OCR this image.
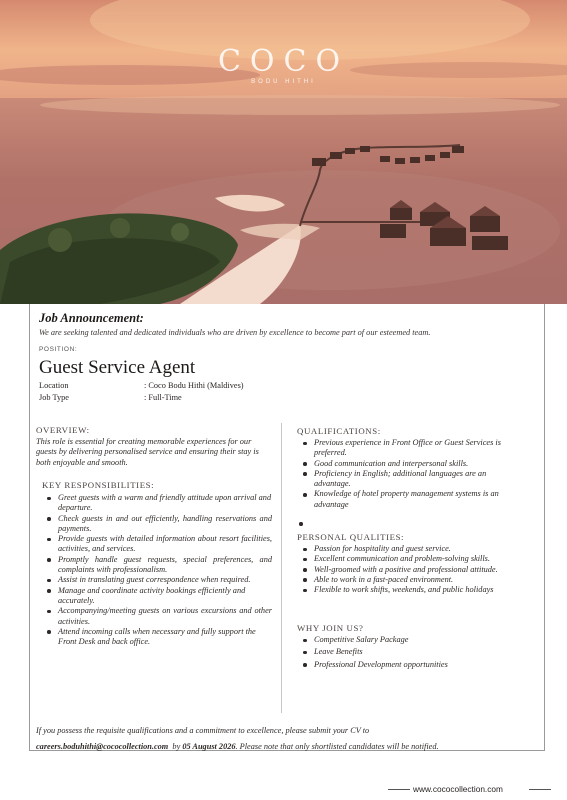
COCO
BODU HITHI
Job Announcement:
We are seeking talented and dedicated individuals who are driven by excellence to become part of our esteemed team.
POSITION:
Guest Service Agent
Location	: Coco Bodu Hithi (Maldives)
Job Type	: Full-Time
OVERVIEW:
This role is essential for creating memorable experiences for our guests by delivering personalised service and ensuring their stay is both enjoyable and smooth.
KEY RESPONSIBILITIES:
Greet guests with a warm and friendly attitude upon arrival and departure.
Check guests in and out efficiently, handling reservations and payments.
Provide guests with detailed information about resort facilities, activities, and services.
Promptly handle guest requests, special preferences, and complaints with professionalism.
Assist in translating guest correspondence when required.
Manage and coordinate activity bookings efficiently and accurately.
Accompanying/meeting guests on various excursions and other activities.
Attend incoming calls when necessary and fully support the Front Desk and back office.
QUALIFICATIONS:
Previous experience in Front Office or Guest Services is preferred.
Good communication and interpersonal skills.
Proficiency in English; additional languages are an advantage.
Knowledge of hotel property management systems is an advantage
PERSONAL QUALITIES:
Passion for hospitality and guest service.
Excellent communication and problem-solving skills.
Well-groomed with a positive and professional attitude.
Able to work in a fast-paced environment.
Flexible to work shifts, weekends, and public holidays
WHY JOIN US?
Competitive Salary Package
Leave Benefits
Professional Development opportunities
If you possess the requisite qualifications and a commitment to excellence, please submit your CV to
careers.boduhithi@cococollection.com by 05 August 2026. Please note that only shortlisted candidates will be notified.
www.cococollection.com
